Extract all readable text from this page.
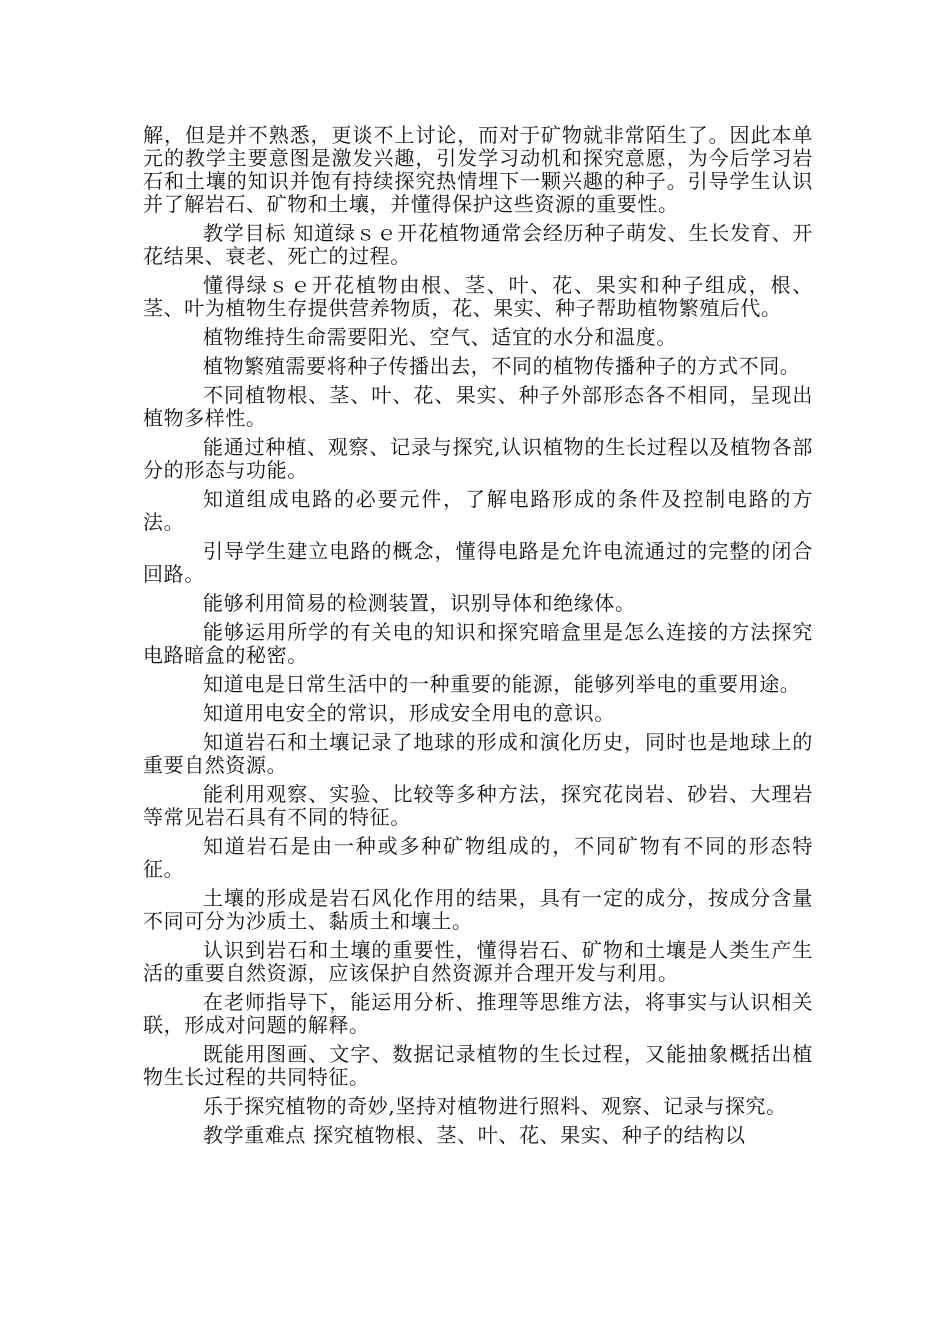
解，但是并不熟悉，更谈不上讨论，而对于矿物就非常陌生了。因此本单元的教学主要意图是激发兴趣，引发学习动机和探究意愿，为今后学习岩石和土壤的知识并饱有持续探究热情埋下一颗兴趣的种子。引导学生认识并了解岩石、矿物和土壤，并懂得保护这些资源的重要性。

教学目标 知道绿ｓｅ开花植物通常会经历种子萌发、生长发育、开花结果、衰老、死亡的过程。

懂得绿ｓｅ开花植物由根、茎、叶、花、果实和种子组成，根、茎、叶为植物生存提供营养物质，花、果实、种子帮助植物繁殖后代。

植物维持生命需要阳光、空气、适宜的水分和温度。

植物繁殖需要将种子传播出去，不同的植物传播种子的方式不同。

不同植物根、茎、叶、花、果实、种子外部形态各不相同，呈现出植物多样性。

能通过种植、观察、记录与探究,认识植物的生长过程以及植物各部分的形态与功能。

知道组成电路的必要元件，了解电路形成的条件及控制电路的方法。

引导学生建立电路的概念，懂得电路是允许电流通过的完整的闭合回路。

能够利用简易的检测装置，识别导体和绝缘体。

能够运用所学的有关电的知识和探究暗盒里是怎么连接的方法探究电路暗盒的秘密。

知道电是日常生活中的一种重要的能源，能够列举电的重要用途。

知道用电安全的常识，形成安全用电的意识。

知道岩石和土壤记录了地球的形成和演化历史，同时也是地球上的重要自然资源。

能利用观察、实验、比较等多种方法，探究花岗岩、砂岩、大理岩等常见岩石具有不同的特征。

知道岩石是由一种或多种矿物组成的，不同矿物有不同的形态特征。

土壤的形成是岩石风化作用的结果，具有一定的成分，按成分含量不同可分为沙质土、黏质土和壤土。

认识到岩石和土壤的重要性，懂得岩石、矿物和土壤是人类生产生活的重要自然资源，应该保护自然资源并合理开发与利用。

在老师指导下，能运用分析、推理等思维方法，将事实与认识相关联，形成对问题的解释。

既能用图画、文字、数据记录植物的生长过程，又能抽象概括出植物生长过程的共同特征。

乐于探究植物的奇妙,坚持对植物进行照料、观察、记录与探究。

教学重难点 探究植物根、茎、叶、花、果实、种子的结构以
